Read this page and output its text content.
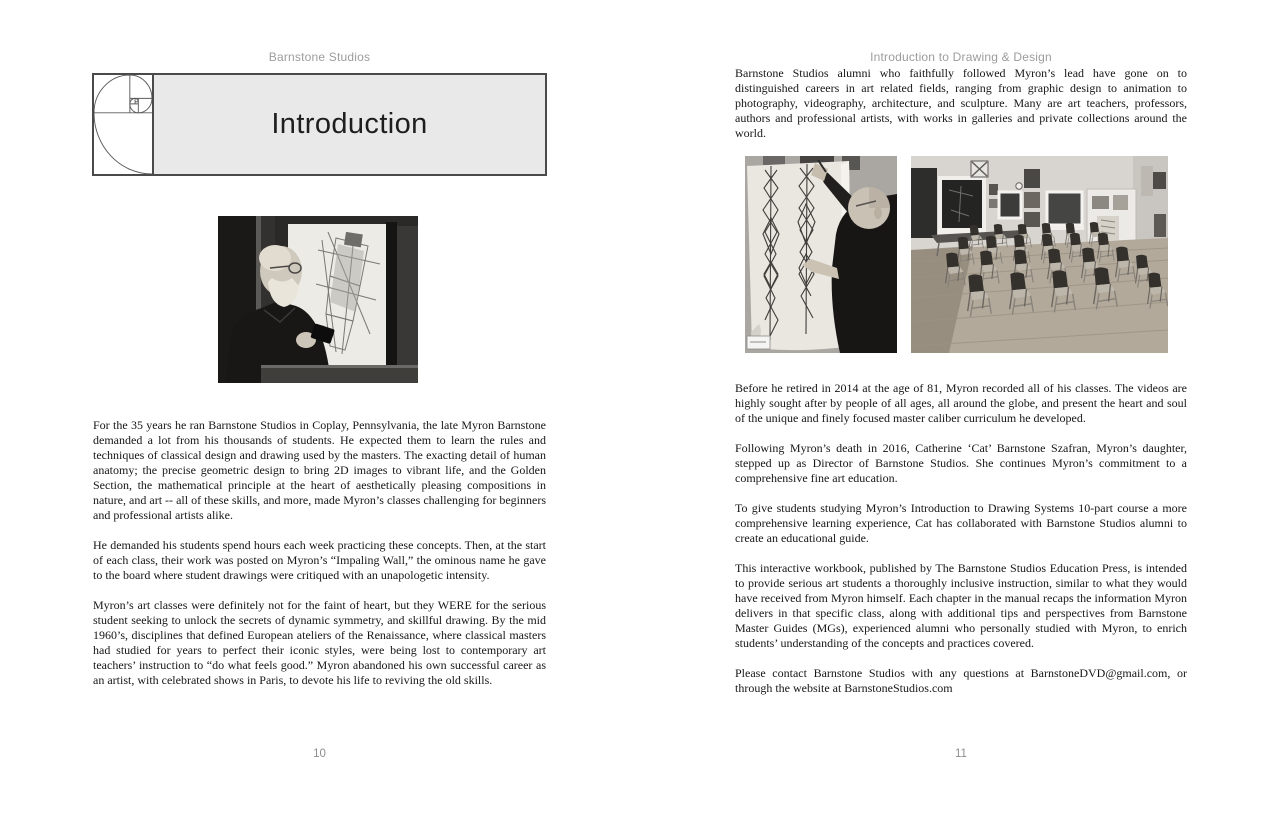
Barnstone Studios
Introduction

For the 35 years he ran Barnstone Studios in Coplay, Pennsylvania, the late Myron Barnstone demanded a lot from his thousands of students. He expected them to learn the rules and techniques of classical design and drawing used by the masters. The exacting detail of human anatomy; the precise geometric design to bring 2D images to vibrant life, and the Golden Section, the mathematical principle at the heart of aesthetically pleasing compositions in nature, and art -- all of these skills, and more, made Myron’s classes challenging for beginners and professional artists alike.

He demanded his students spend hours each week practicing these concepts. Then, at the start of each class, their work was posted on Myron’s “Impaling Wall,” the ominous name he gave to the board where student drawings were critiqued with an unapologetic intensity.

Myron’s art classes were definitely not for the faint of heart, but they WERE for the serious student seeking to unlock the secrets of dynamic symmetry, and skillful drawing. By the mid 1960’s, disciplines that defined European ateliers of the Renaissance, where classical masters had studied for years to perfect their iconic styles, were being lost to contemporary art teachers’ instruction to “do what feels good.” Myron abandoned his own successful career as an artist, with celebrated shows in Paris, to devote his life to reviving the old skills.

10
Introduction to Drawing & Design

Barnstone Studios alumni who faithfully followed Myron’s lead have gone on to distinguished careers in art related fields, ranging from graphic design to animation to photography, videography, architecture, and sculpture. Many are art teachers, professors, authors and professional artists, with works in galleries and private collections around the world.

Before he retired in 2014 at the age of 81, Myron recorded all of his classes. The videos are highly sought after by people of all ages, all around the globe, and present the heart and soul of the unique and finely focused master caliber curriculum he developed.

Following Myron’s death in 2016, Catherine ‘Cat’ Barnstone Szafran, Myron’s daughter, stepped up as Director of Barnstone Studios. She continues Myron’s commitment to a comprehensive fine art education.

To give students studying Myron’s Introduction to Drawing Systems 10-part course a more comprehensive learning experience, Cat has collaborated with Barnstone Studios alumni to create an educational guide.

This interactive workbook, published by The Barnstone Studios Education Press, is intended to provide serious art students a thoroughly inclusive instruction, similar to what they would have received from Myron himself. Each chapter in the manual recaps the information Myron delivers in that specific class, along with additional tips and perspectives from Barnstone Master Guides (MGs), experienced alumni who personally studied with Myron, to enrich students’ understanding of the concepts and practices covered.

Please contact Barnstone Studios with any questions at BarnstoneDVD@gmail.com, or through the website at BarnstoneStudios.com

11
